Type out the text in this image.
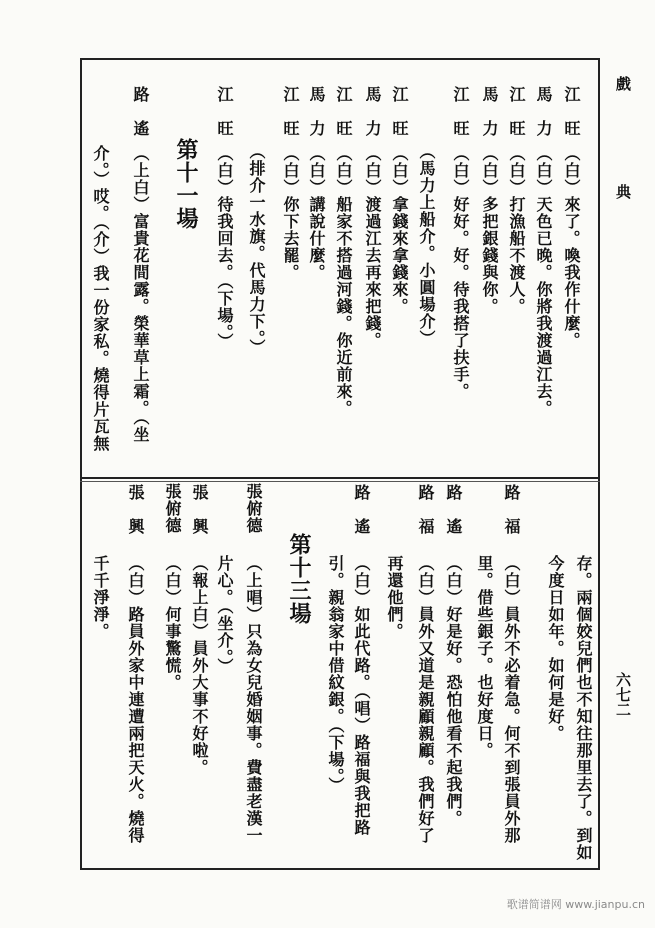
戲
典
六七二
江旺
（白）來了。喚我作什麼。
馬力
（白）天色已晚。你將我渡過江去。
江旺
（白）打漁船不渡人。
馬力
（白）多把銀錢與你。
江旺
（白）好好。好。待我搭了扶手。
（馬力上船介。小圓場介）
江旺
（白）拿錢來拿錢來。
馬力
（白）渡過江去再來把錢。
江旺
（白）船家不搭過河錢。你近前來。
馬力
（白）講說什麼。
江旺
（白）你下去罷。
（排介一水旗。代馬力下。）
江旺
（白）待我回去。（下場。）
第十一場
路遙
（上白）富貴花間露。榮華草上霜。（坐
介。）哎。（介）我一份家私。燒得片瓦無
存。兩個姣兒們也不知往那里去了。到如
今度日如年。如何是好。
路福
（白）員外不必着急。何不到張員外那
里。借些銀子。也好度日。
路遙
（白）好是好。恐怕他看不起我們。
路福
（白）員外又道是親顧親顧。我們好了
再還他們。
路遙
（白）如此代路。（唱）路福與我把路
引。親翁家中借紋銀。（下場。）
第十三場
張俯德
（上唱）只為女兒婚姻事。費盡老漢一
片心。（坐介。）
張興
（報上白）員外大事不好啦。
張俯德
（白）何事驚慌。
張興
（白）路員外家中連遭兩把天火。燒得
千千淨淨。
歌谱简谱网 www.jianpu.cn
